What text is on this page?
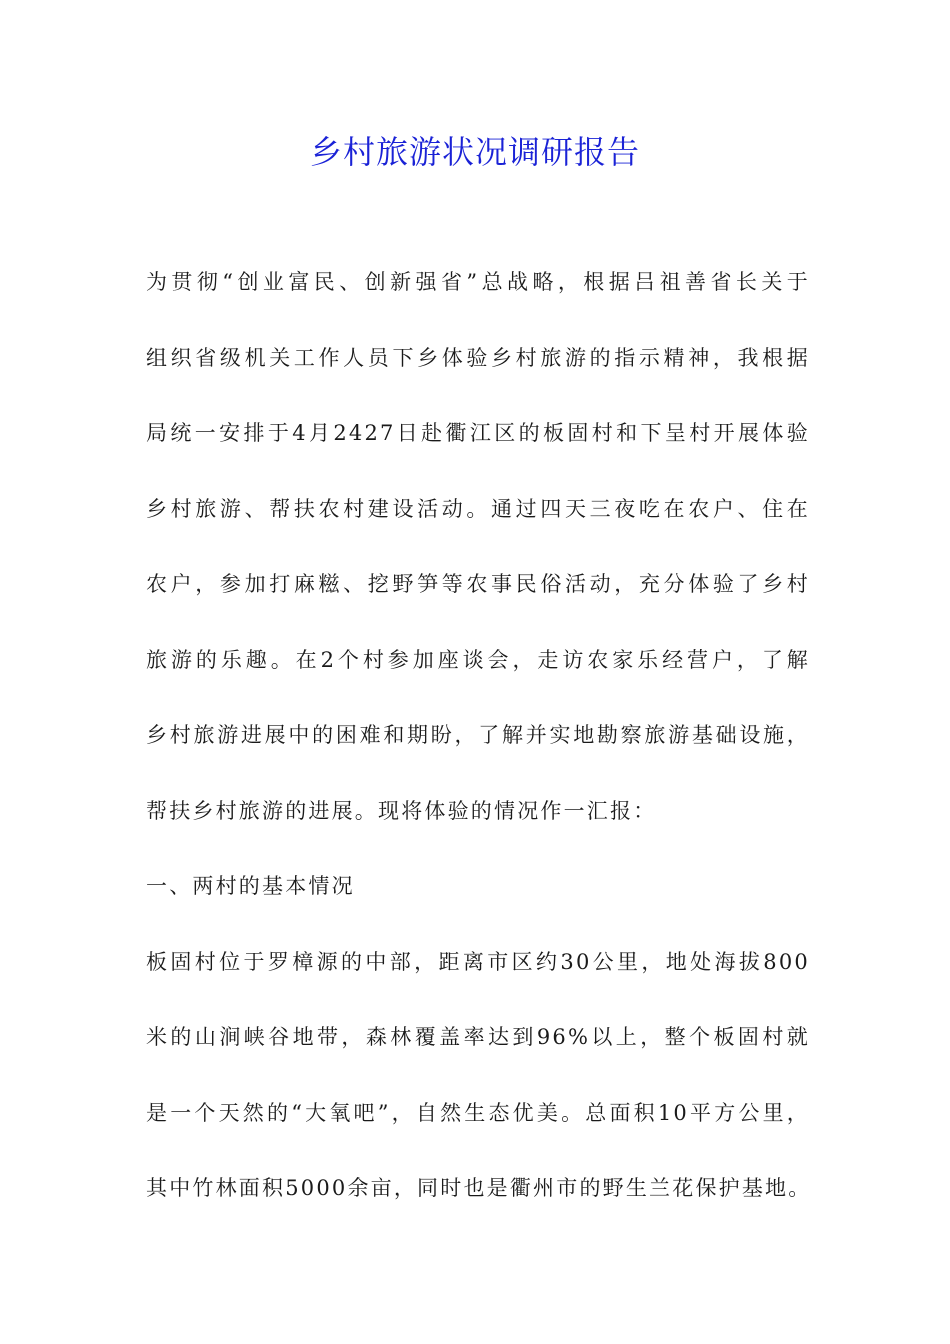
乡村旅游状况调研报告
为贯彻“创业富民、创新强省”总战略，根据吕祖善省长关于
组织省级机关工作人员下乡体验乡村旅游的指示精神，我根据
局统一安排于4月2427日赴衢江区的板固村和下呈村开展体验
乡村旅游、帮扶农村建设活动。通过四天三夜吃在农户、住在
农户，参加打麻糍、挖野笋等农事民俗活动，充分体验了乡村
旅游的乐趣。在2个村参加座谈会，走访农家乐经营户，了解
乡村旅游进展中的困难和期盼，了解并实地勘察旅游基础设施，
帮扶乡村旅游的进展。现将体验的情况作一汇报：
一、两村的基本情况
板固村位于罗樟源的中部，距离市区约30公里，地处海拔800
米的山涧峡谷地带，森林覆盖率达到96%以上，整个板固村就
是一个天然的“大氧吧”，自然生态优美。总面积10平方公里，
其中竹林面积5000余亩，同时也是衢州市的野生兰花保护基地。
